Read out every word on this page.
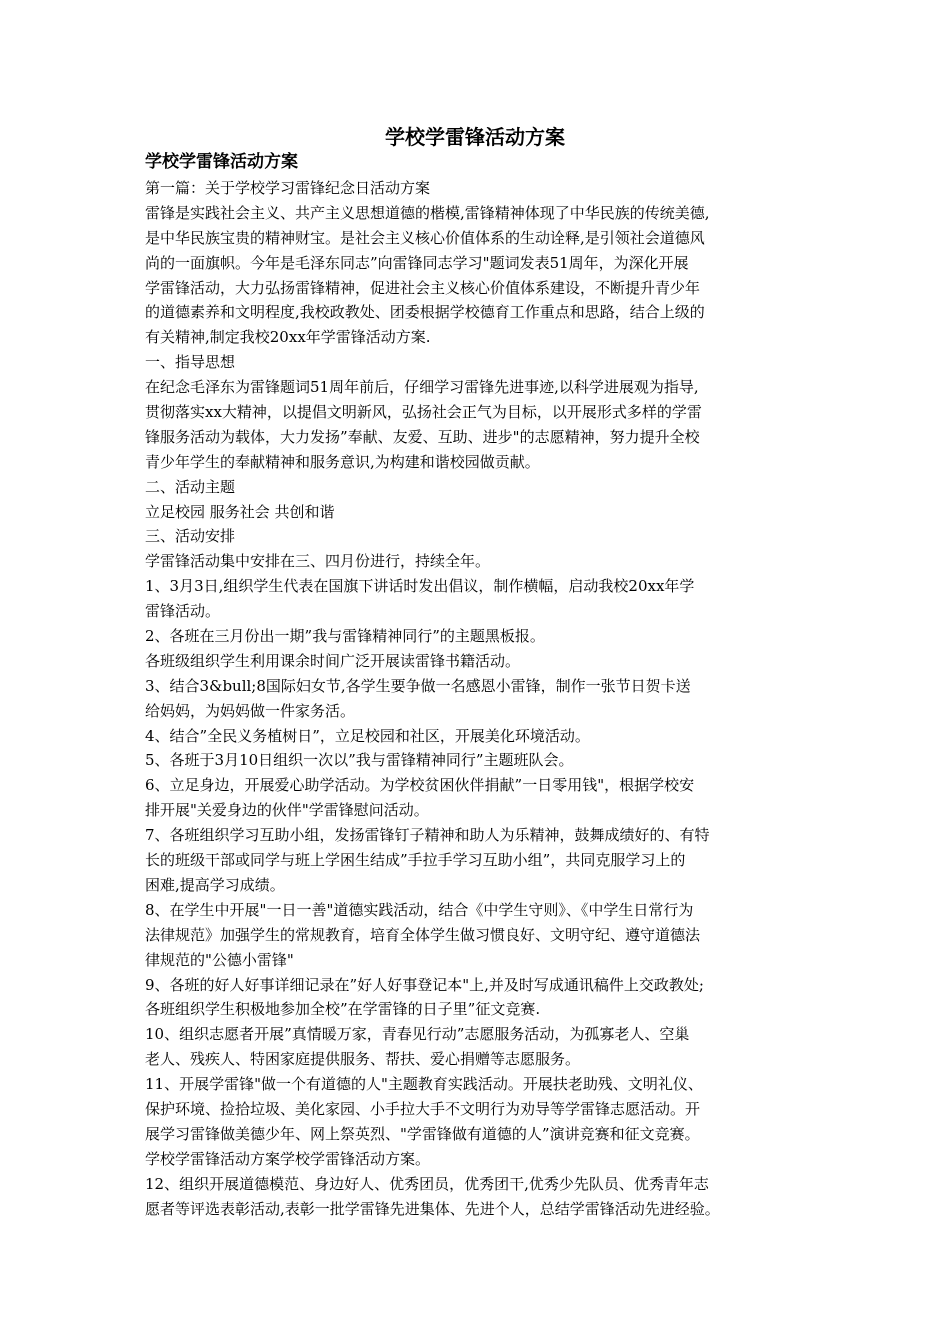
学校学雷锋活动方案
学校学雷锋活动方案
第一篇：关于学校学习雷锋纪念日活动方案
雷锋是实践社会主义、共产主义思想道德的楷模,雷锋精神体现了中华民族的传统美德,
是中华民族宝贵的精神财宝。是社会主义核心价值体系的生动诠释,是引领社会道德风
尚的一面旗帜。今年是毛泽东同志”向雷锋同志学习"题词发表51周年，为深化开展
学雷锋活动，大力弘扬雷锋精神，促进社会主义核心价值体系建设，不断提升青少年
的道德素养和文明程度,我校政教处、团委根据学校德育工作重点和思路，结合上级的
有关精神,制定我校20xx年学雷锋活动方案.
一、指导思想
在纪念毛泽东为雷锋题词51周年前后，仔细学习雷锋先进事迹,以科学进展观为指导,
贯彻落实xx大精神，以提倡文明新风，弘扬社会正气为目标，以开展形式多样的学雷
锋服务活动为载体，大力发扬”奉献、友爱、互助、进步"的志愿精神，努力提升全校
青少年学生的奉献精神和服务意识,为构建和谐校园做贡献。
二、活动主题
立足校园 服务社会 共创和谐
三、活动安排
学雷锋活动集中安排在三、四月份进行，持续全年。
1、3月3日,组织学生代表在国旗下讲话时发出倡议，制作横幅，启动我校20xx年学
雷锋活动。
2、各班在三月份出一期”我与雷锋精神同行”的主题黑板报。
各班级组织学生利用课余时间广泛开展读雷锋书籍活动。
3、结合3&bull;8国际妇女节,各学生要争做一名感恩小雷锋，制作一张节日贺卡送
给妈妈，为妈妈做一件家务活。
4、结合”全民义务植树日”，立足校园和社区，开展美化环境活动。
5、各班于3月10日组织一次以”我与雷锋精神同行”主题班队会。
6、立足身边，开展爱心助学活动。为学校贫困伙伴捐献”一日零用钱"，根据学校安
排开展"关爱身边的伙伴"学雷锋慰问活动。
7、各班组织学习互助小组，发扬雷锋钉子精神和助人为乐精神，鼓舞成绩好的、有特
长的班级干部或同学与班上学困生结成”手拉手学习互助小组”，共同克服学习上的
困难,提高学习成绩。
8、在学生中开展"一日一善"道德实践活动，结合《中学生守则》、《中学生日常行为
法律规范》加强学生的常规教育，培育全体学生做习惯良好、文明守纪、遵守道德法
律规范的"公德小雷锋"
9、各班的好人好事详细记录在”好人好事登记本"上,并及时写成通讯稿件上交政教处;
各班组织学生积极地参加全校”在学雷锋的日子里”征文竞赛.
10、组织志愿者开展”真情暖万家，青春见行动”志愿服务活动，为孤寡老人、空巢
老人、残疾人、特困家庭提供服务、帮扶、爱心捐赠等志愿服务。
11、开展学雷锋"做一个有道德的人"主题教育实践活动。开展扶老助残、文明礼仪、
保护环境、捡拾垃圾、美化家园、小手拉大手不文明行为劝导等学雷锋志愿活动。开
展学习雷锋做美德少年、网上祭英烈、"学雷锋做有道德的人”演讲竞赛和征文竞赛。
学校学雷锋活动方案学校学雷锋活动方案。
12、组织开展道德模范、身边好人、优秀团员，优秀团干,优秀少先队员、优秀青年志
愿者等评选表彰活动,表彰一批学雷锋先进集体、先进个人，总结学雷锋活动先进经验。
